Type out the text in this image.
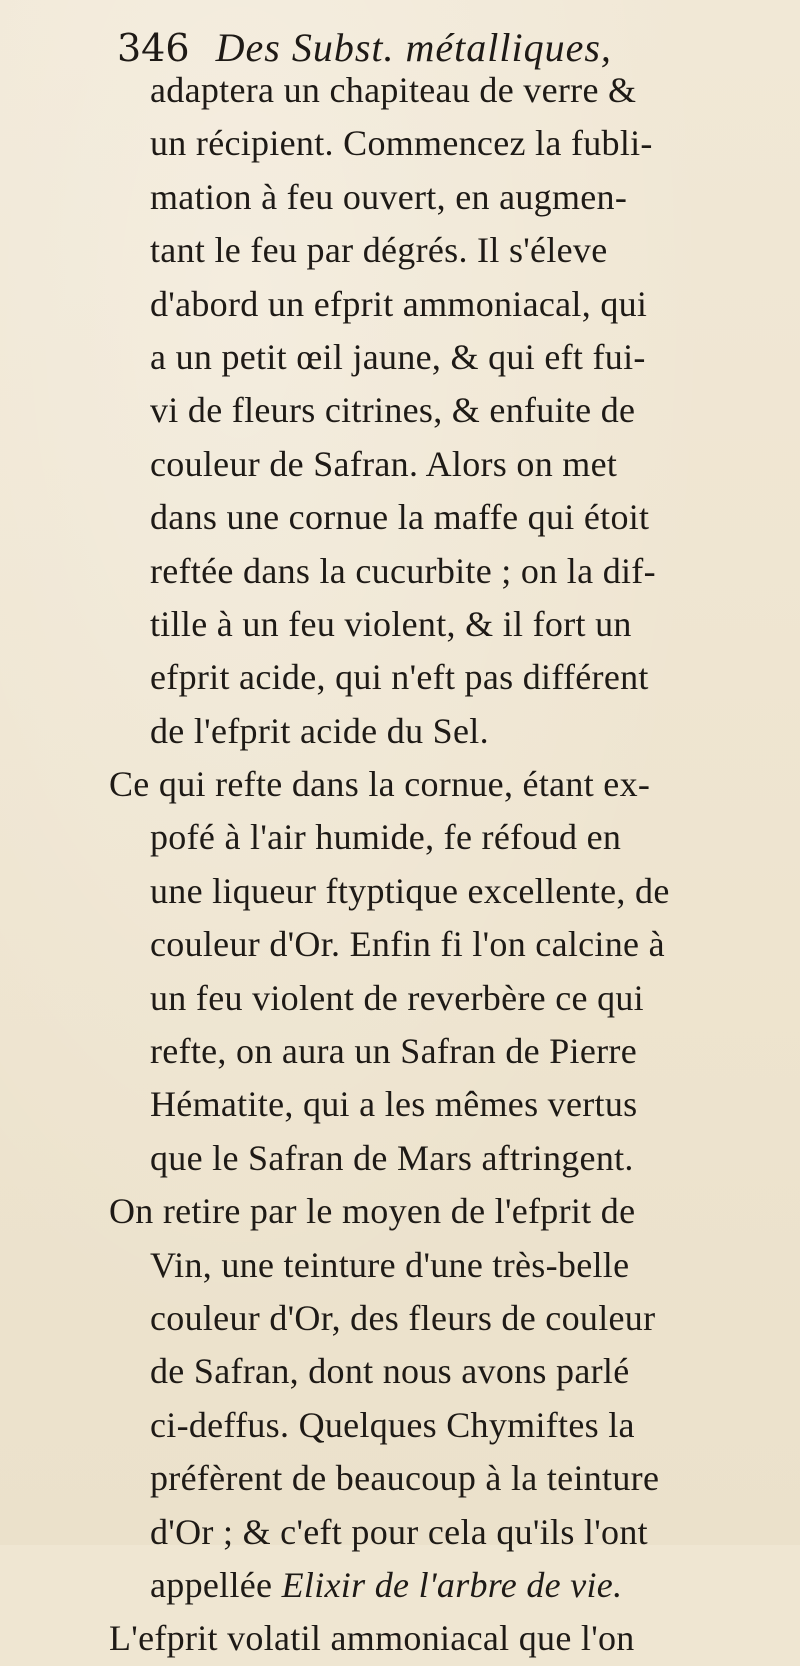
346 Des Subst. métalliques,
adaptera un chapiteau de verre &
un récipient. Commencez la fubli-
mation à feu ouvert, en augmen-
tant le feu par dégrés. Il s'éleve
d'abord un efprit ammoniacal, qui
a un petit œil jaune, & qui eft fui-
vi de fleurs citrines, & enfuite de
couleur de Safran. Alors on met
dans une cornue la maffe qui étoit
reftée dans la cucurbite ; on la dif-
tille à un feu violent, & il fort un
efprit acide, qui n'eft pas différent
de l'efprit acide du Sel.
Ce qui refte dans la cornue, étant ex-
pofé à l'air humide, fe réfoud en
une liqueur ftyptique excellente, de
couleur d'Or. Enfin fi l'on calcine à
un feu violent de reverbère ce qui
refte, on aura un Safran de Pierre
Hématite, qui a les mêmes vertus
que le Safran de Mars aftringent.
On retire par le moyen de l'efprit de
Vin, une teinture d'une très-belle
couleur d'Or, des fleurs de couleur
de Safran, dont nous avons parlé
ci-deffus. Quelques Chymiftes la
préfèrent de beaucoup à la teinture
d'Or ; & c'eft pour cela qu'ils l'ont
appellée Elixir de l'arbre de vie.
L'efprit volatil ammoniacal que l'on
